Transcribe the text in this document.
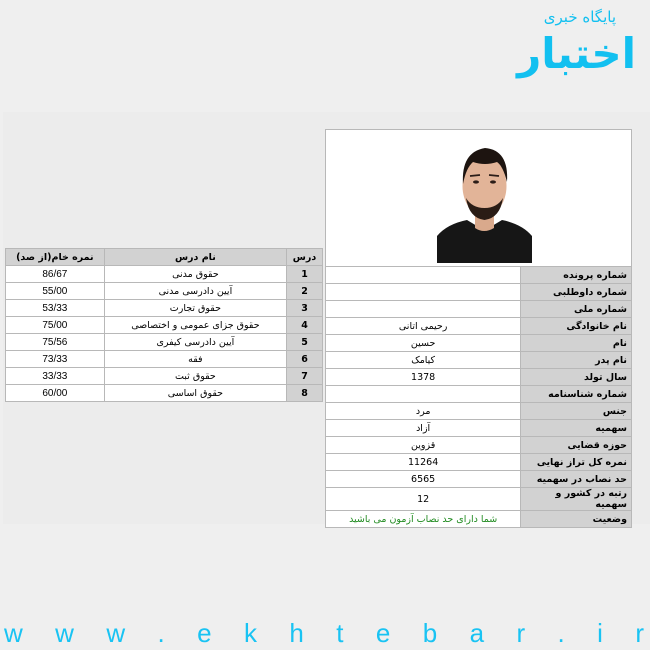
پایگاه خبری
اختبار
درس	نام درس	نمره خام(از صد)
1	حقوق مدنی	86/67
2	آیین دادرسی مدنی	55/00
3	حقوق تجارت	53/33
4	حقوق جزای عمومی و اختصاصی	75/00
5	آیین دادرسی کیفری	75/56
6	فقه	73/33
7	حقوق ثبت	33/33
8	حقوق اساسی	60/00

شماره پرونده	
شماره داوطلبی	
شماره ملی	
نام خانوادگی	رحیمی اتانی
نام	حسین
نام پدر	کیامک
سال تولد	1378
شماره شناسنامه	
جنس	مرد
سهمیه	آزاد
حوزه قضایی	قزوین
نمره کل تراز نهایی	11264
حد نصاب در سهمیه	6565
رتبه در کشور و سهمیه	12
وضعیت	شما دارای حد نصاب آزمون می باشید
w w w . e k h t e b a r . i r
